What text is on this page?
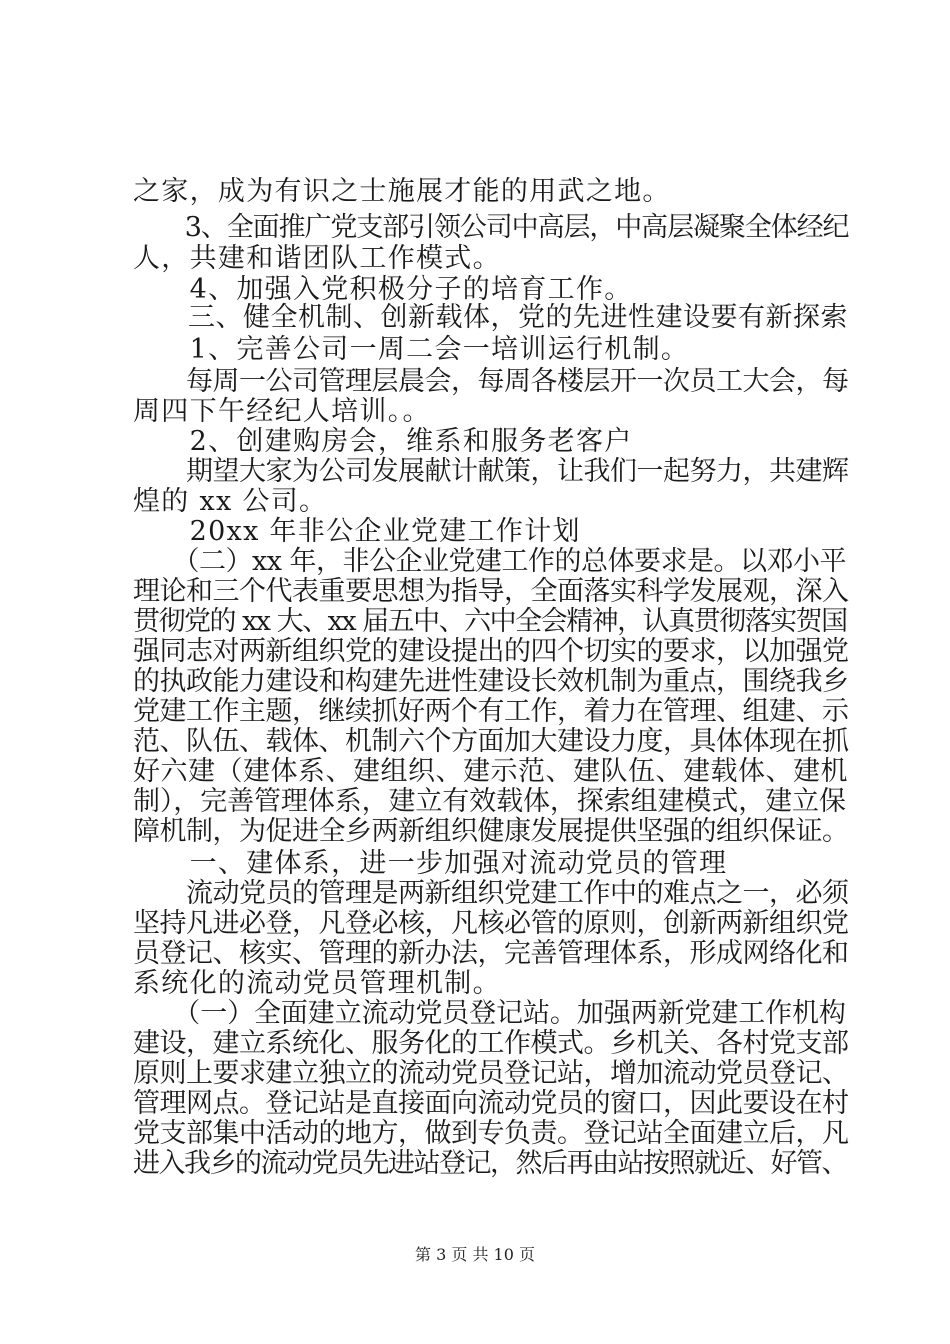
之家，成为有识之士施展才能的用武之地。
　　3、全面推广党支部引领公司中高层，中高层凝聚全体经纪
人，共建和谐团队工作模式。
　　4、加强入党积极分子的培育工作。
　　三、健全机制、创新载体，党的先进性建设要有新探索
　　1、完善公司一周二会一培训运行机制。
　　每周一公司管理层晨会，每周各楼层开一次员工大会，每
周四下午经纪人培训。。
　　2、创建购房会，维系和服务老客户
　　期望大家为公司发展献计献策，让我们一起努力，共建辉
煌的 xx 公司。
　　20xx 年非公企业党建工作计划
　　（二）xx 年，非公企业党建工作的总体要求是。以邓小平
理论和三个代表重要思想为指导，全面落实科学发展观，深入
贯彻党的 xx 大、xx 届五中、六中全会精神，认真贯彻落实贺国
强同志对两新组织党的建设提出的四个切实的要求，以加强党
的执政能力建设和构建先进性建设长效机制为重点，围绕我乡
党建工作主题，继续抓好两个有工作，着力在管理、组建、示
范、队伍、载体、机制六个方面加大建设力度，具体体现在抓
好六建（建体系、建组织、建示范、建队伍、建载体、建机
制），完善管理体系，建立有效载体，探索组建模式，建立保
障机制，为促进全乡两新组织健康发展提供坚强的组织保证。
　　一、建体系，进一步加强对流动党员的管理
　　流动党员的管理是两新组织党建工作中的难点之一，必须
坚持凡进必登，凡登必核，凡核必管的原则，创新两新组织党
员登记、核实、管理的新办法，完善管理体系，形成网络化和
系统化的流动党员管理机制。
　　（一）全面建立流动党员登记站。加强两新党建工作机构
建设，建立系统化、服务化的工作模式。乡机关、各村党支部
原则上要求建立独立的流动党员登记站，增加流动党员登记、
管理网点。登记站是直接面向流动党员的窗口，因此要设在村
党支部集中活动的地方，做到专负责。登记站全面建立后，凡
进入我乡的流动党员先进站登记，然后再由站按照就近、好管、
第 3 页 共 10 页
